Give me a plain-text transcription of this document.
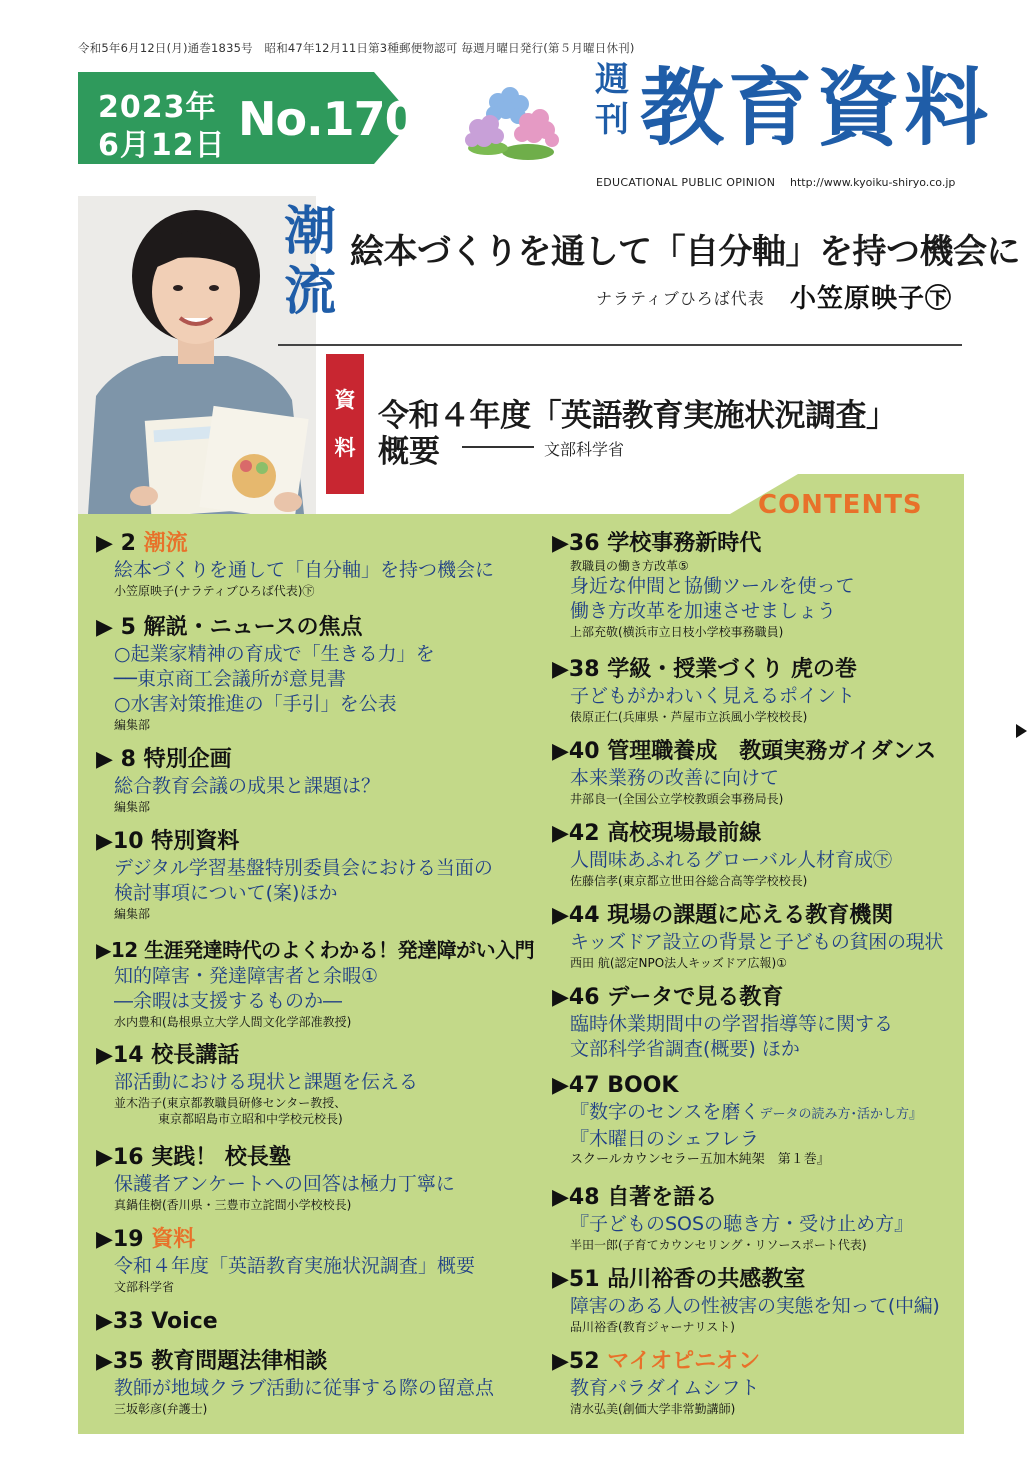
令和5年6月12日(月)通巻1835号　昭和47年12月11日第3種郵便物認可 毎週月曜日発行(第５月曜日休刊)
2023年
6月12日 No.1705
週
刊 教育資料
EDUCATIONAL PUBLIC OPINION http://www.kyoiku-shiryo.co.jp
潮
流
絵本づくりを通して「自分軸」を持つ機会に
ナラティブひろば代表 小笠原映子㊦
資
料
令和４年度「英語教育実施状況調査」
概要	文部科学省
CONTENTS
▶ 2 潮流
絵本づくりを通して「自分軸」を持つ機会に
小笠原映子(ナラティブひろば代表)㊦
▶ 5 解説・ニュースの焦点
○起業家精神の育成で「生きる力」を
──東京商工会議所が意見書
○水害対策推進の「手引」を公表
編集部
▶ 8 特別企画
総合教育会議の成果と課題は？
編集部
▶10 特別資料
デジタル学習基盤特別委員会における当面の
検討事項について(案)ほか
編集部
▶12 生涯発達時代のよくわかる！発達障がい入門
知的障害・発達障害者と余暇①
―余暇は支援するものか―
水内豊和(島根県立大学人間文化学部准教授)
▶14 校長講話
部活動における現状と課題を伝える
並木浩子(東京都教職員研修センター教授、
東京都昭島市立昭和中学校元校長)
▶16 実践！ 校長塾
保護者アンケートへの回答は極力丁寧に
真鍋佳樹(香川県・三豊市立詫間小学校校長)
▶19 資料
令和４年度「英語教育実施状況調査」概要
文部科学省
▶33 Voice
▶35 教育問題法律相談
教師が地域クラブ活動に従事する際の留意点
三坂彰彦(弁護士)
▶36 学校事務新時代
教職員の働き方改革⑤
身近な仲間と協働ツールを使って
働き方改革を加速させましょう
上部充敬(横浜市立日枝小学校事務職員)
▶38 学級・授業づくり 虎の巻
子どもがかわいく見えるポイント
俵原正仁(兵庫県・芦屋市立浜風小学校校長)
▶40 管理職養成　教頭実務ガイダンス
本来業務の改善に向けて
井部良一(全国公立学校教頭会事務局長)
▶42 高校現場最前線
人間味あふれるグローバル人材育成㊦
佐藤信孝(東京都立世田谷総合高等学校校長)
▶44 現場の課題に応える教育機関
キッズドア設立の背景と子どもの貧困の現状
西田 航(認定NPO法人キッズドア広報)①
▶46 データで見る教育
臨時休業期間中の学習指導等に関する
文部科学省調査(概要) ほか
▶47 BOOK
『数字のセンスを磨くデータの読み方･活かし方』
『木曜日のシェフレラ
スクールカウンセラー五加木純架　第１巻』
▶48 自著を語る
『子どものSOSの聴き方・受け止め方』
半田一郎(子育てカウンセリング・リソースポート代表)
▶51 品川裕香の共感教室
障害のある人の性被害の実態を知って(中編)
品川裕香(教育ジャーナリスト)
▶52 マイオピニオン
教育パラダイムシフト
清水弘美(創価大学非常勤講師)
